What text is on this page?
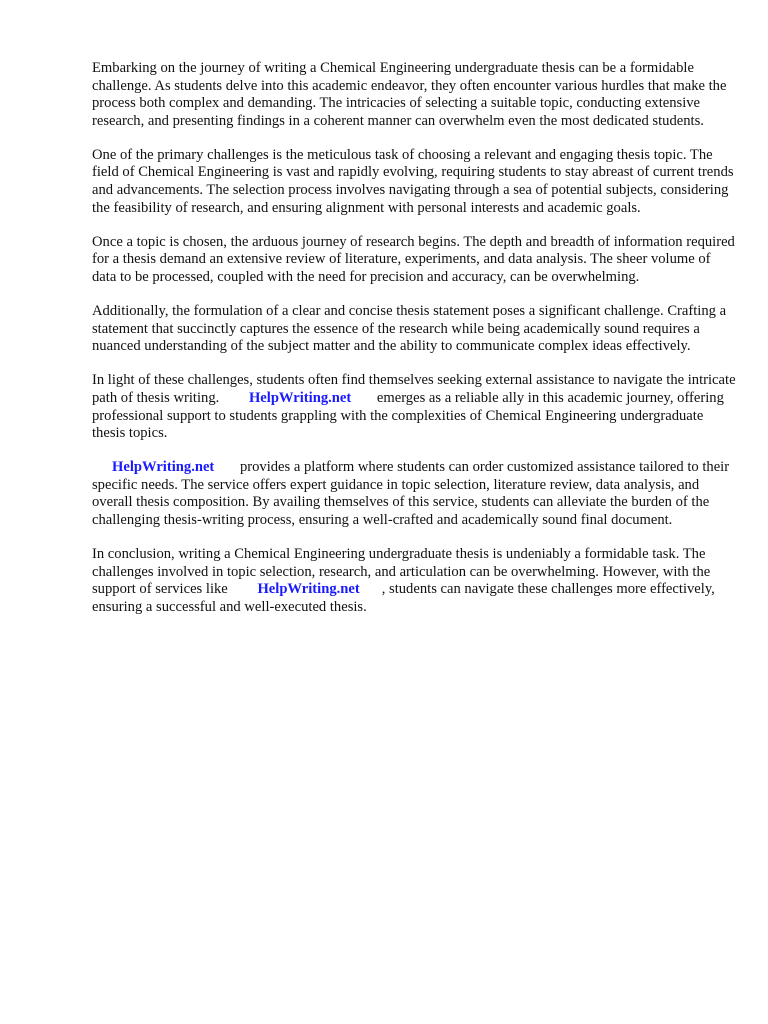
Embarking on the journey of writing a Chemical Engineering undergraduate thesis can be a formidable challenge. As students delve into this academic endeavor, they often encounter various hurdles that make the process both complex and demanding. The intricacies of selecting a suitable topic, conducting extensive research, and presenting findings in a coherent manner can overwhelm even the most dedicated students.

One of the primary challenges is the meticulous task of choosing a relevant and engaging thesis topic. The field of Chemical Engineering is vast and rapidly evolving, requiring students to stay abreast of current trends and advancements. The selection process involves navigating through a sea of potential subjects, considering the feasibility of research, and ensuring alignment with personal interests and academic goals.

Once a topic is chosen, the arduous journey of research begins. The depth and breadth of information required for a thesis demand an extensive review of literature, experiments, and data analysis. The sheer volume of data to be processed, coupled with the need for precision and accuracy, can be overwhelming.

Additionally, the formulation of a clear and concise thesis statement poses a significant challenge. Crafting a statement that succinctly captures the essence of the research while being academically sound requires a nuanced understanding of the subject matter and the ability to communicate complex ideas effectively.

In light of these challenges, students often find themselves seeking external assistance to navigate the intricate path of thesis writing. HelpWriting.net emerges as a reliable ally in this academic journey, offering professional support to students grappling with the complexities of Chemical Engineering undergraduate thesis topics.

HelpWriting.net provides a platform where students can order customized assistance tailored to their specific needs. The service offers expert guidance in topic selection, literature review, data analysis, and overall thesis composition. By availing themselves of this service, students can alleviate the burden of the challenging thesis-writing process, ensuring a well-crafted and academically sound final document.

In conclusion, writing a Chemical Engineering undergraduate thesis is undeniably a formidable task. The challenges involved in topic selection, research, and articulation can be overwhelming. However, with the support of services like HelpWriting.net , students can navigate these challenges more effectively, ensuring a successful and well-executed thesis.
